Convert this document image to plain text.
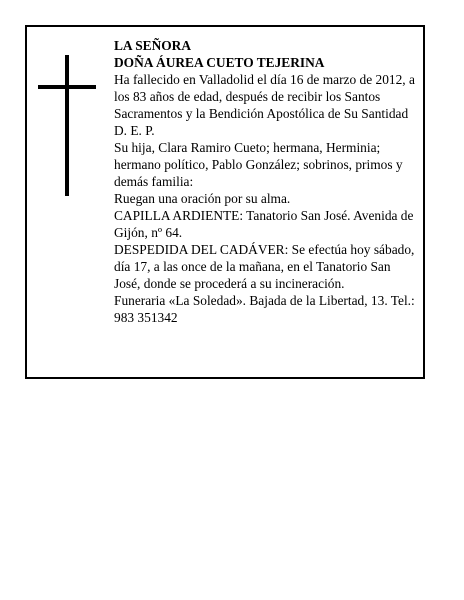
LA SEÑORA

DOÑA ÁUREA CUETO TEJERINA

Ha fallecido en Valladolid el día 16 de marzo de 2012, a los 83 años de edad, después de recibir los Santos Sacramentos y la Bendición Apostólica de Su Santidad D. E. P.

Su hija, Clara Ramiro Cueto; hermana, Herminia; hermano político, Pablo González; sobrinos, primos y demás familia:

Ruegan una oración por su alma.

CAPILLA ARDIENTE: Tanatorio San José. Avenida de Gijón, nº 64.

DESPEDIDA DEL CADÁVER: Se efectúa hoy sábado, día 17, a las once de la mañana, en el Tanatorio San José, donde se procederá a su incineración.

Funeraria «La Soledad». Bajada de la Libertad, 13. Tel.: 983 351342
